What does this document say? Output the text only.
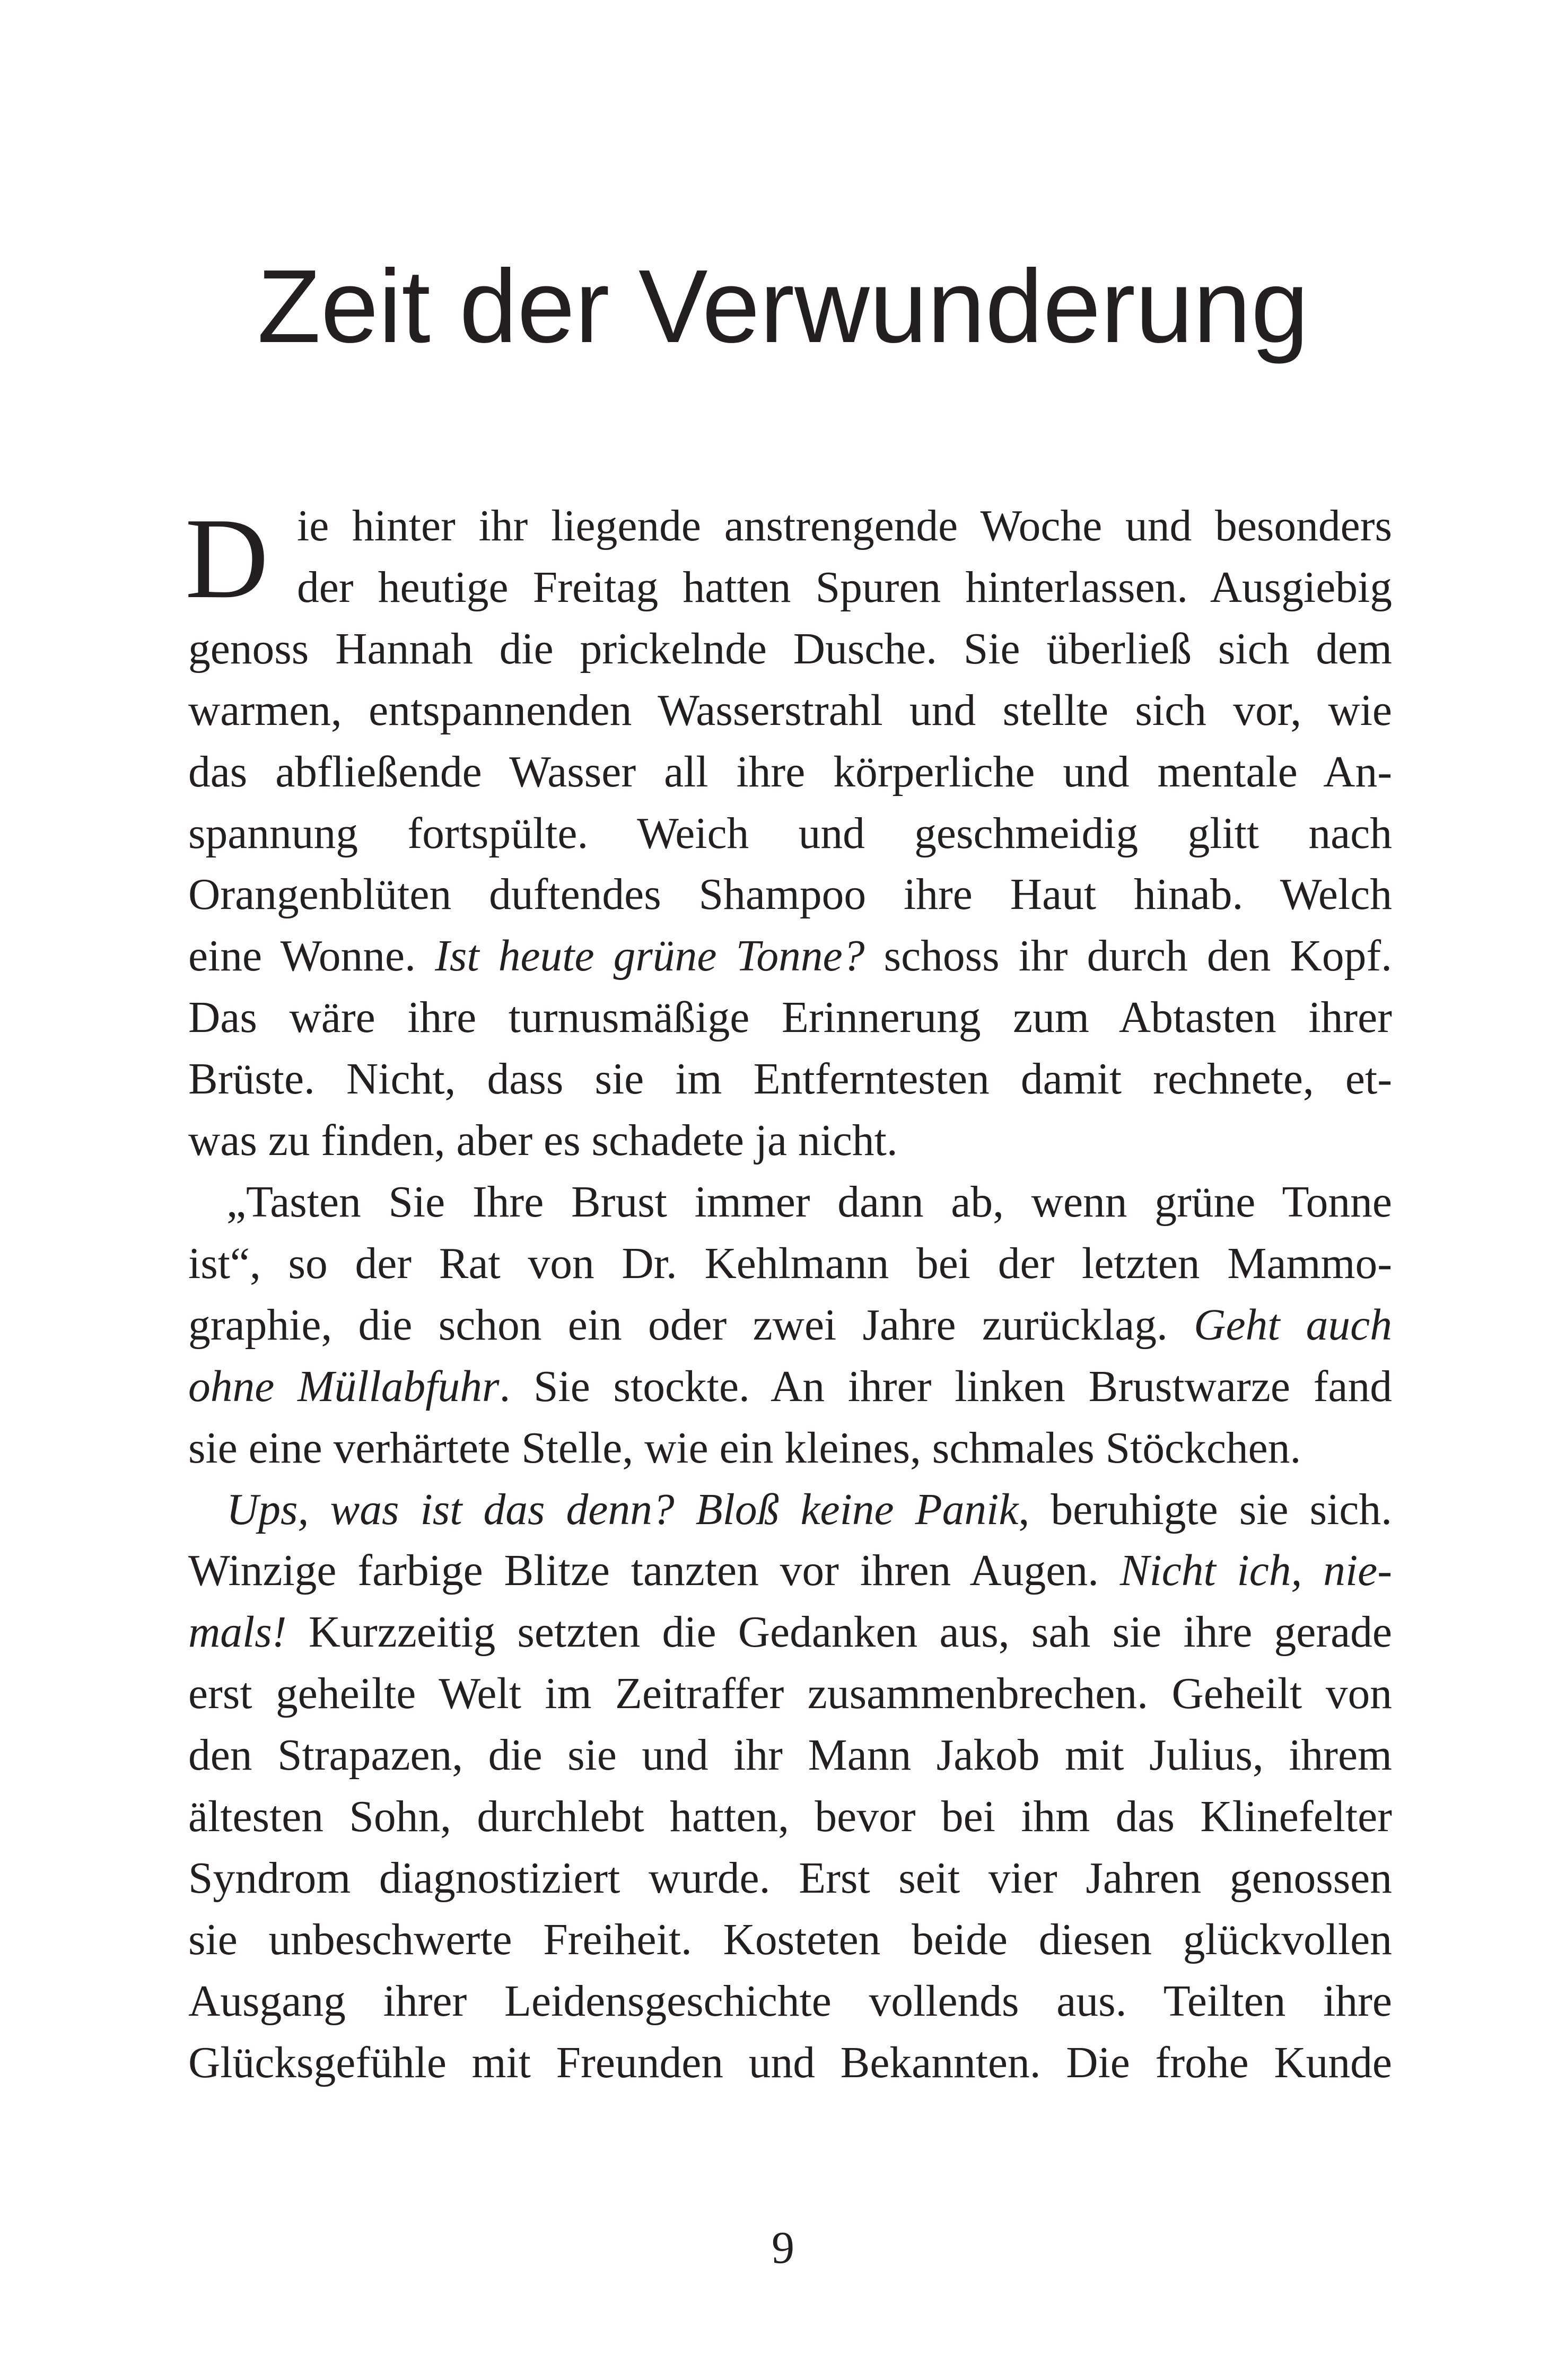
Zeit der Verwunderung
D ie hinter ihr liegende anstrengende Woche und besonders
der heutige Freitag hatten Spuren hinterlassen. Ausgiebig
genoss Hannah die prickelnde Dusche. Sie überließ sich dem
warmen, entspannenden Wasserstrahl und stellte sich vor, wie
das abfließende Wasser all ihre körperliche und mentale An-
spannung fortspülte. Weich und geschmeidig glitt nach
Orangenblüten duftendes Shampoo ihre Haut hinab. Welch
eine Wonne. Ist heute grüne Tonne? schoss ihr durch den Kopf.
Das wäre ihre turnusmäßige Erinnerung zum Abtasten ihrer
Brüste. Nicht, dass sie im Entferntesten damit rechnete, et-
was zu finden, aber es schadete ja nicht.
„Tasten Sie Ihre Brust immer dann ab, wenn grüne Tonne
ist“, so der Rat von Dr. Kehlmann bei der letzten Mammo-
graphie, die schon ein oder zwei Jahre zurücklag. Geht auch
ohne Müllabfuhr. Sie stockte. An ihrer linken Brustwarze fand
sie eine verhärtete Stelle, wie ein kleines, schmales Stöckchen.
Ups, was ist das denn? Bloß keine Panik, beruhigte sie sich.
Winzige farbige Blitze tanzten vor ihren Augen. Nicht ich, nie-
mals! Kurzzeitig setzten die Gedanken aus, sah sie ihre gerade
erst geheilte Welt im Zeitraffer zusammenbrechen. Geheilt von
den Strapazen, die sie und ihr Mann Jakob mit Julius, ihrem
ältesten Sohn, durchlebt hatten, bevor bei ihm das Klinefelter
Syndrom diagnostiziert wurde. Erst seit vier Jahren genossen
sie unbeschwerte Freiheit. Kosteten beide diesen glückvollen
Ausgang ihrer Leidensgeschichte vollends aus. Teilten ihre
Glücksgefühle mit Freunden und Bekannten. Die frohe Kunde
9
